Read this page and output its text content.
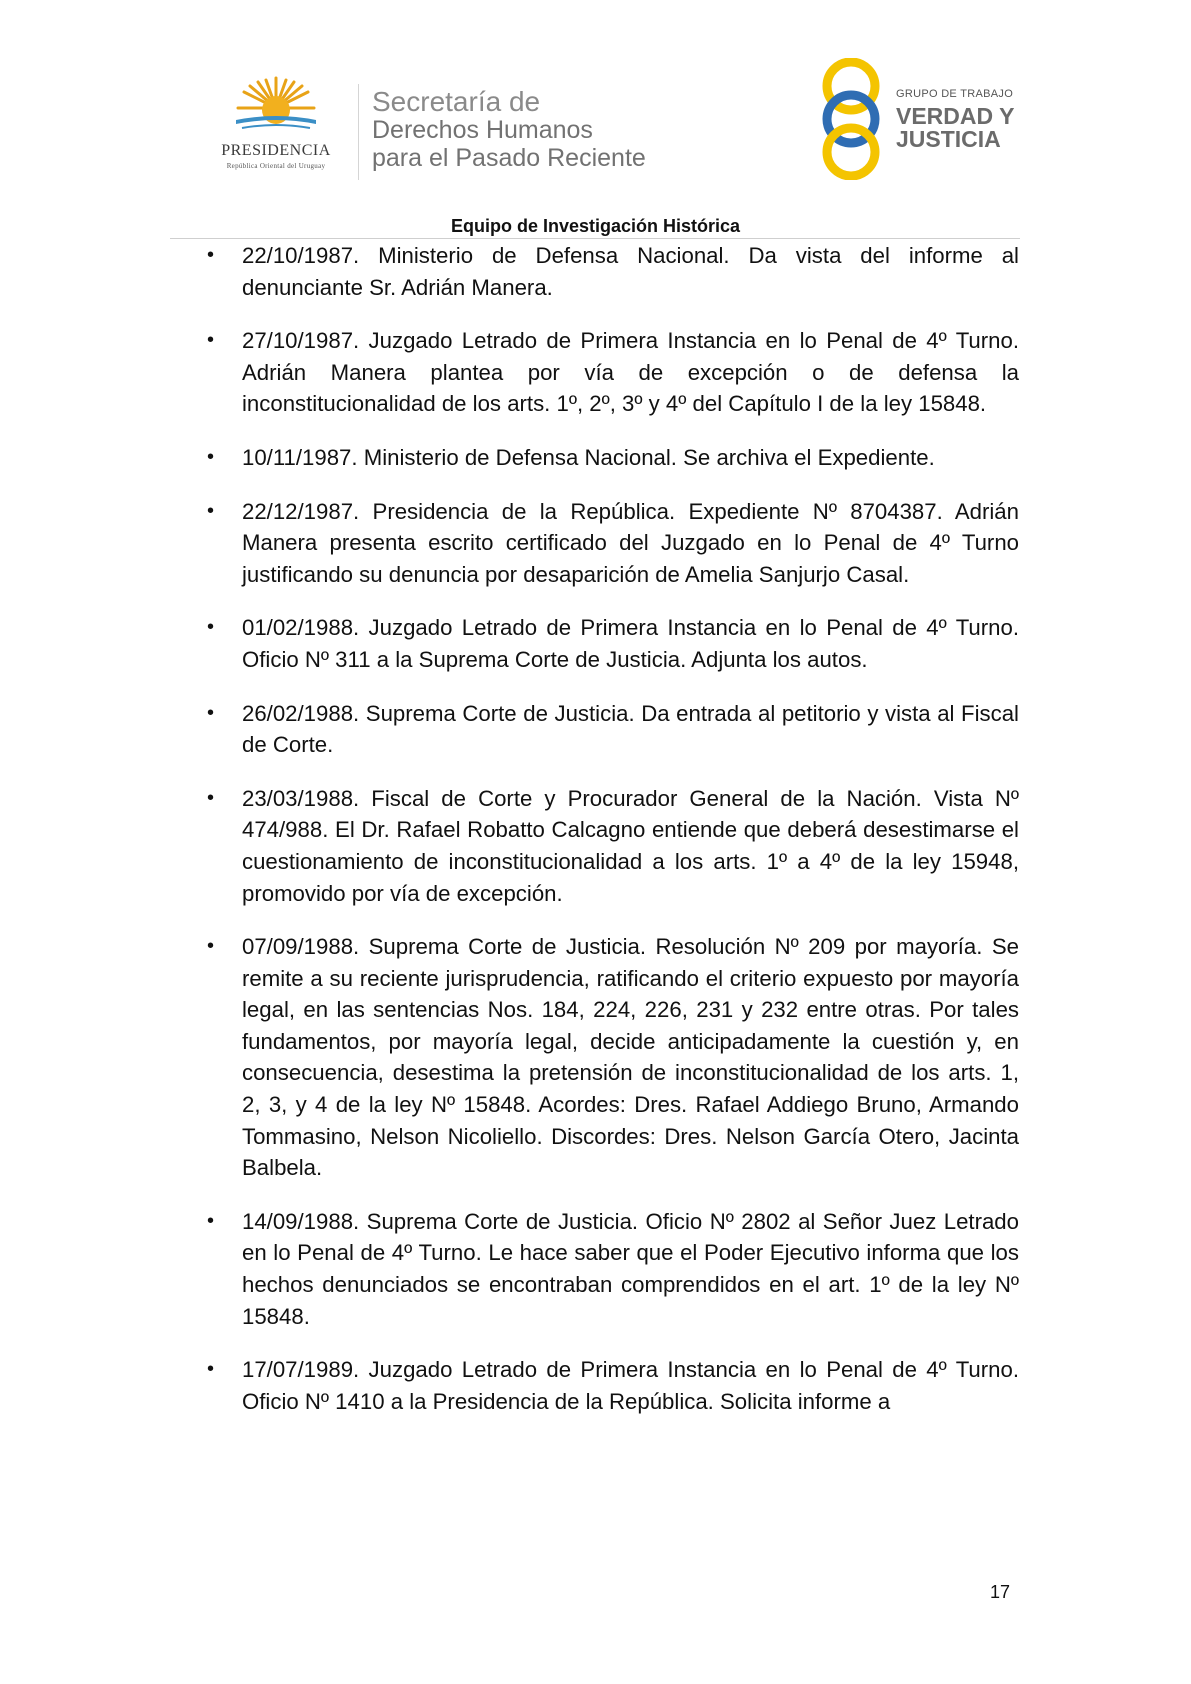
PRESIDENCIA
República Oriental del Uruguay
Secretaría de
Derechos Humanos
para el Pasado Reciente
GRUPO DE TRABAJO
VERDAD Y
JUSTICIA
Equipo de Investigación Histórica
• 22/10/1987. Ministerio de Defensa Nacional. Da vista del informe al denunciante Sr. Adrián Manera.
• 27/10/1987. Juzgado Letrado de Primera Instancia en lo Penal de 4º Turno. Adrián Manera plantea por vía de excepción o de defensa la inconstitucionalidad de los arts. 1º, 2º, 3º y 4º del Capítulo I de la ley 15848.
• 10/11/1987. Ministerio de Defensa Nacional. Se archiva el Expediente.
• 22/12/1987. Presidencia de la República. Expediente Nº 8704387. Adrián Manera presenta escrito certificado del Juzgado en lo Penal de 4º Turno justificando su denuncia por desaparición de Amelia Sanjurjo Casal.
• 01/02/1988. Juzgado Letrado de Primera Instancia en lo Penal de 4º Turno. Oficio Nº 311 a la Suprema Corte de Justicia. Adjunta los autos.
• 26/02/1988. Suprema Corte de Justicia. Da entrada al petitorio y vista al Fiscal de Corte.
• 23/03/1988. Fiscal de Corte y Procurador General de la Nación. Vista Nº 474/988. El Dr. Rafael Robatto Calcagno entiende que deberá desestimarse el cuestionamiento de inconstitucionalidad a los arts. 1º a 4º de la ley 15948, promovido por vía de excepción.
• 07/09/1988. Suprema Corte de Justicia. Resolución Nº 209 por mayoría. Se remite a su reciente jurisprudencia, ratificando el criterio expuesto por mayoría legal, en las sentencias Nos. 184, 224, 226, 231 y 232 entre otras. Por tales fundamentos, por mayoría legal, decide anticipadamente la cuestión y, en consecuencia, desestima la pretensión de inconstitucionalidad de los arts. 1, 2, 3, y 4 de la ley Nº 15848. Acordes: Dres. Rafael Addiego Bruno, Armando Tommasino, Nelson Nicoliello. Discordes: Dres. Nelson García Otero, Jacinta Balbela.
• 14/09/1988. Suprema Corte de Justicia. Oficio Nº 2802 al Señor Juez Letrado en lo Penal de 4º Turno. Le hace saber que el Poder Ejecutivo informa que los hechos denunciados se encontraban comprendidos en el art. 1º de la ley Nº 15848.
• 17/07/1989. Juzgado Letrado de Primera Instancia en lo Penal de 4º Turno. Oficio Nº 1410 a la Presidencia de la República. Solicita informe a
17
